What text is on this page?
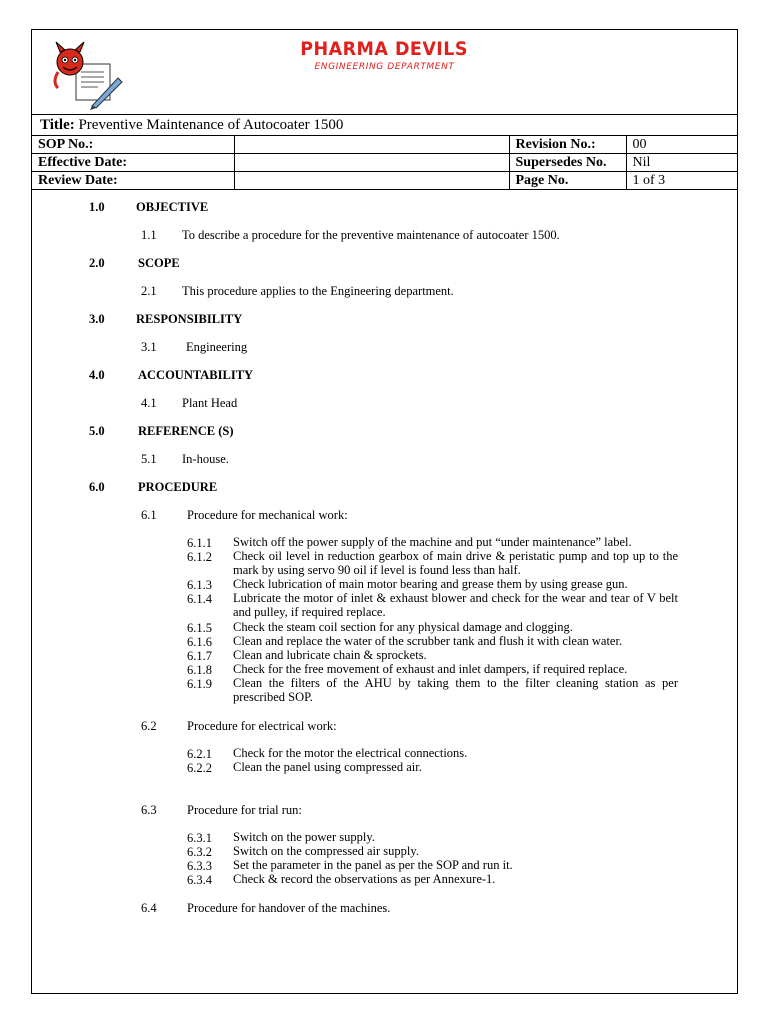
PHARMA DEVILS
ENGINEERING DEPARTMENT
Title: Preventive Maintenance of Autocoater 1500
SOP No.:		Revision No.:	00
Effective Date:		Supersedes No.	Nil
Review Date:		Page No.	1 of 3
1.0	OBJECTIVE
1.1 To describe a procedure for the preventive maintenance of autocoater 1500.
2.0	SCOPE
2.1 This procedure applies to the Engineering department.
3.0	RESPONSIBILITY
3.1 Engineering
4.0	ACCOUNTABILITY
4.1 Plant Head
5.0	REFERENCE (S)
5.1 In-house.
6.0	PROCEDURE
6.1 Procedure for mechanical work:
6.1.1 Switch off the power supply of the machine and put “under maintenance” label.
6.1.2 Check oil level in reduction gearbox of main drive & peristatic pump and top up to the mark by using servo 90 oil if level is found less than half.
6.1.3 Check lubrication of main motor bearing and grease them by using grease gun.
6.1.4 Lubricate the motor of inlet & exhaust blower and check for the wear and tear of V belt and pulley, if required replace.
6.1.5 Check the steam coil section for any physical damage and clogging.
6.1.6 Clean and replace the water of the scrubber tank and flush it with clean water.
6.1.7 Clean and lubricate chain & sprockets.
6.1.8 Check for the free movement of exhaust and inlet dampers, if required replace.
6.1.9 Clean the filters of the AHU by taking them to the filter cleaning station as per prescribed SOP.
6.2 Procedure for electrical work:
6.2.1 Check for the motor the electrical connections.
6.2.2 Clean the panel using compressed air.
6.3 Procedure for trial run:
6.3.1 Switch on the power supply.
6.3.2 Switch on the compressed air supply.
6.3.3 Set the parameter in the panel as per the SOP and run it.
6.3.4 Check & record the observations as per Annexure-1.
6.4 Procedure for handover of the machines.
